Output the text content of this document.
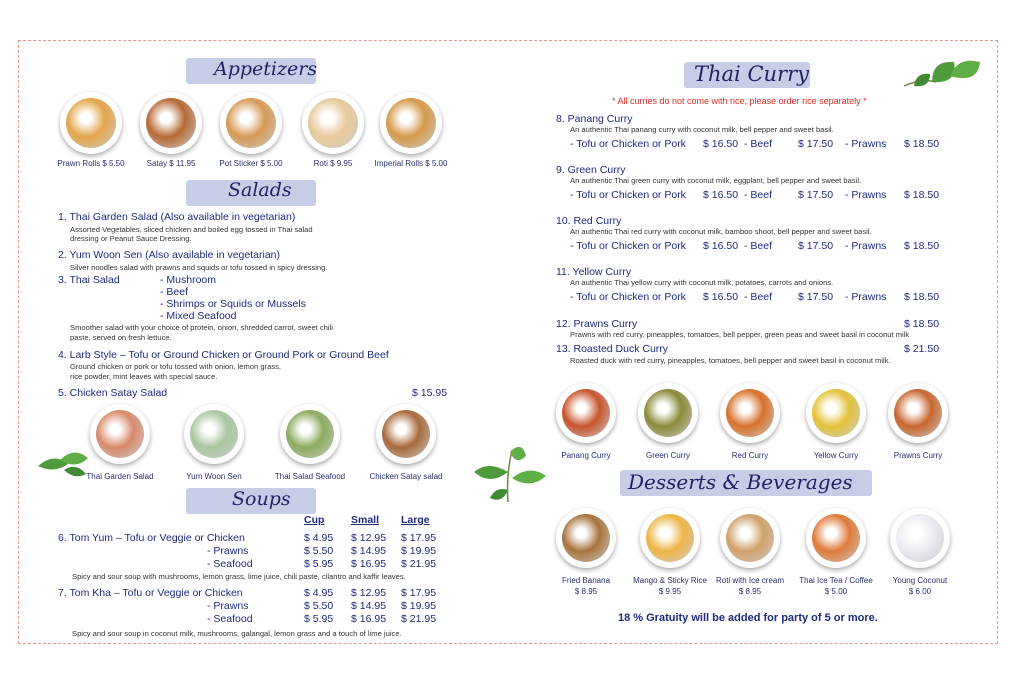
Appetizers
Salads
1. Thai Garden Salad (Also available in vegetarian)
Assorted Vegetables, sliced chicken and boiled egg tossed in Thai salad
dressing or Peanut Sauce Dressing.
2. Yum Woon Sen (Also available in vegetarian)
Silver noodles salad with prawns and squids or tofu tossed in spicy dressing.
3. Thai Salad	- Mushroom
- Beef
- Shrimps or Squids or Mussels
- Mixed Seafood
Smoother salad with your choice of protein, onion, shredded carrot, sweet chili
paste, served on fresh lettuce.
4. Larb Style – Tofu or Ground Chicken or Ground Pork or Ground Beef
Ground chicken or pork or tofu tossed with onion, lemon grass,
rice powder, mint leaves with special sauce.
5. Chicken Satay Salad	$ 15.95
Soups
Cup	Small Large
Spicy and sour soup with mushrooms, lemon grass, lime juice, chili paste, cilantro and kaffir leaves.
Spicy and sour soup in coconut milk, mushrooms, galangal, lemon grass and a touch of lime juice.
Thai Curry
* All curries do not come with rice, please order rice separately *
12. Prawns Curry	$ 18.50
Prawns with red curry, pineapples, tomatoes, bell pepper, green peas and sweet basil in coconut milk
13. Roasted Duck Curry	$ 21.50
Roasted duck with red curry, pineapples, tomatoes, bell pepper and sweet basil in coconut milk.
Desserts & Beverages
18 % Gratuity will be added for party of 5 or more.
Prawn Rolls $ 5.50	Satay $ 11.95	Pot Sticker $ 5.00	Roti $ 9.95	Imperial Rolls $ 5.00
Thai Garden Salad	Yum Woon Sen	Thai Salad Seafood	Chicken Satay salad
6. Tom Yum – Tofu or Veggie or Chicken	$ 4.95 $ 12.95 $ 17.95
- Prawns	$ 5.50 $ 14.95 $ 19.95
- Seafood	$ 5.95 $ 16.95 $ 21.95
7. Tom Kha – Tofu or Veggie or Chicken	$ 4.95 $ 12.95 $ 17.95
- Prawns	$ 5.50 $ 14.95 $ 19.95
- Seafood	$ 5.95 $ 16.95 $ 21.95
8. Panang Curry
An authentic Thai panang curry with coconut milk, bell pepper and sweet basil.
- Tofu or Chicken or Pork $ 16.50 - Beef $ 17.50 - Prawns $ 18.50
9. Green Curry
An authentic Thai green curry with coconut milk, eggplant, bell pepper and sweet basil.
- Tofu or Chicken or Pork $ 16.50 - Beef $ 17.50 - Prawns $ 18.50
10. Red Curry
An authentic Thai red curry with coconut milk, bamboo shoot, bell pepper and sweet basil.
- Tofu or Chicken or Pork $ 16.50 - Beef $ 17.50 - Prawns $ 18.50
11. Yellow Curry
An authentic Thai yellow curry with coconut milk, potatoes, carrots and onions.
- Tofu or Chicken or Pork $ 16.50 - Beef $ 17.50 - Prawns $ 18.50
Panang Curry	Green Curry	Red Curry	Yellow Curry	Prawns Curry
Fried Banana
$ 8.95
Mango & Sticky Rice
$ 9.95
Roti with Ice cream
$ 8.95
Thai Ice Tea / Coffee
$ 5.00
Young Coconut
$ 6.00
